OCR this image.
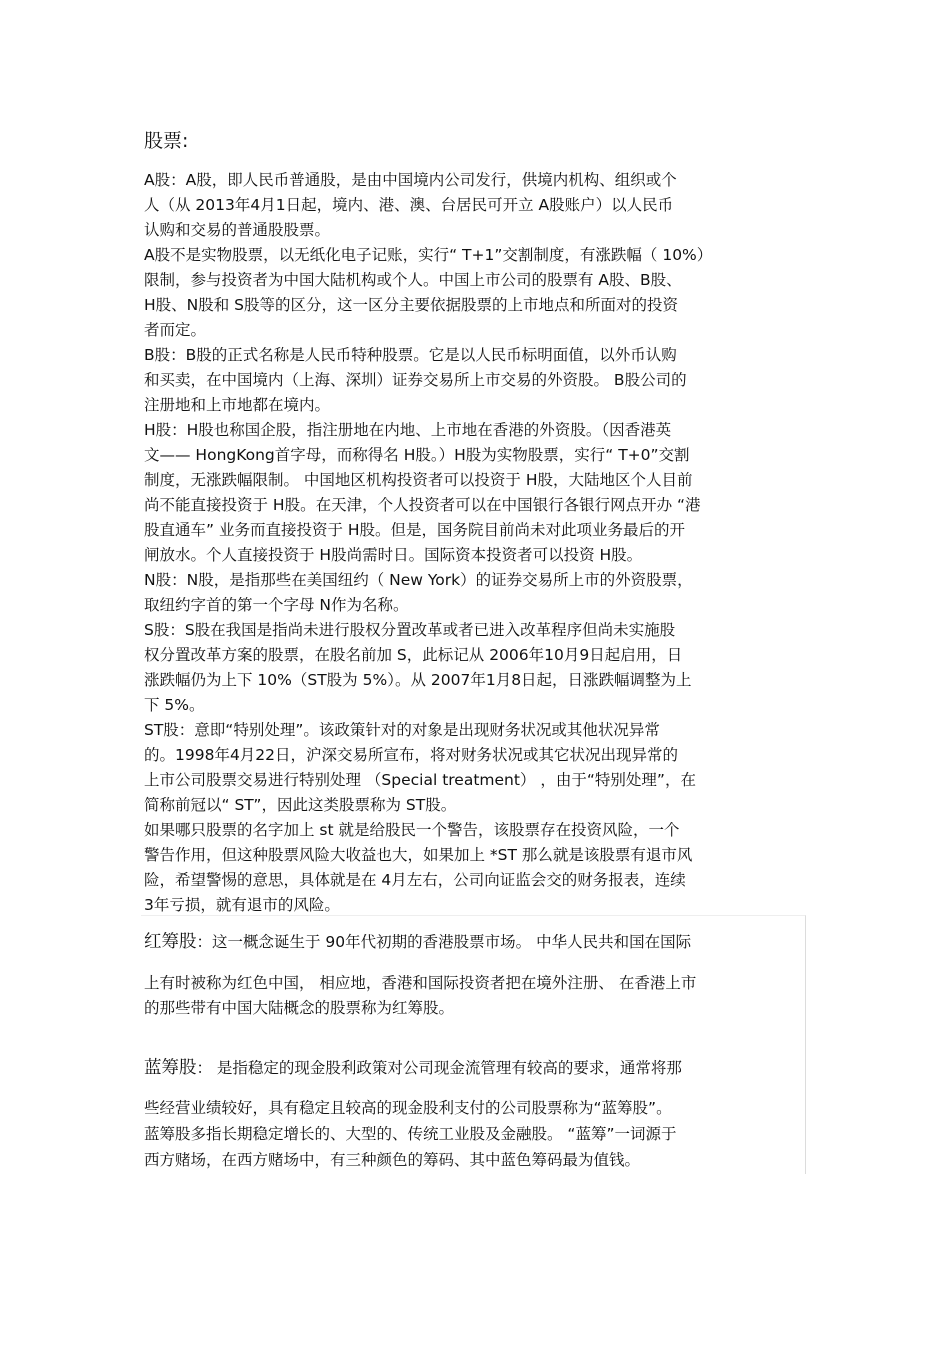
股票:

A股：A股，即人民币普通股，是由中国境内公司发行，供境内机构、组织或个
人（从 2013年4月1日起，境内、港、澳、台居民可开立 A股账户）以人民币
认购和交易的普通股股票。

A股不是实物股票，以无纸化电子记账，实行“ T+1”交割制度，有涨跌幅（ 10%）
限制，参与投资者为中国大陆机构或个人。中国上市公司的股票有 A股、B股、
H股、N股和 S股等的区分，这一区分主要依据股票的上市地点和所面对的投资
者而定。

B股：B股的正式名称是人民币特种股票。它是以人民币标明面值，以外币认购
和买卖，在中国境内（上海、深圳）证券交易所上市交易的外资股。 B股公司的
注册地和上市地都在境内。

H股：H股也称国企股，指注册地在内地、上市地在香港的外资股。（因香港英
文—— HongKong首字母，而称得名 H股。）H股为实物股票，实行“ T+0”交割
制度，无涨跌幅限制。 中国地区机构投资者可以投资于 H股，大陆地区个人目前
尚不能直接投资于 H股。在天津，个人投资者可以在中国银行各银行网点开办 “港
股直通车” 业务而直接投资于 H股。但是，国务院目前尚未对此项业务最后的开
闸放水。个人直接投资于 H股尚需时日。国际资本投资者可以投资 H股。

N股：N股，是指那些在美国纽约（ New York）的证券交易所上市的外资股票，
取纽约字首的第一个字母 N作为名称。

S股：S股在我国是指尚未进行股权分置改革或者已进入改革程序但尚未实施股
权分置改革方案的股票，在股名前加 S，此标记从 2006年10月9日起启用，日
涨跌幅仍为上下 10%（ST股为 5%）。从 2007年1月8日起，日涨跌幅调整为上
下 5%。

ST股：意即“特别处理”。该政策针对的对象是出现财务状况或其他状况异常
的。1998年4月22日，沪深交易所宣布，将对财务状况或其它状况出现异常的
上市公司股票交易进行特别处理 （Special treatment） ，由于“特别处理”，在
简称前冠以“ ST”，因此这类股票称为 ST股。

如果哪只股票的名字加上 st 就是给股民一个警告，该股票存在投资风险，一个
警告作用，但这种股票风险大收益也大，如果加上 *ST 那么就是该股票有退市风
险，希望警惕的意思，具体就是在 4月左右，公司向证监会交的财务报表，连续
3年亏损，就有退市的风险。

红筹股：这一概念诞生于 90年代初期的香港股票市场。 中华人民共和国在国际
上有时被称为红色中国， 相应地，香港和国际投资者把在境外注册、 在香港上市
的那些带有中国大陆概念的股票称为红筹股。
蓝筹股： 是指稳定的现金股利政策对公司现金流管理有较高的要求，通常将那
些经营业绩较好，具有稳定且较高的现金股利支付的公司股票称为“蓝筹股”。
蓝筹股多指长期稳定增长的、大型的、传统工业股及金融股。 “蓝筹”一词源于
西方赌场，在西方赌场中，有三种颜色的筹码、其中蓝色筹码最为值钱。
